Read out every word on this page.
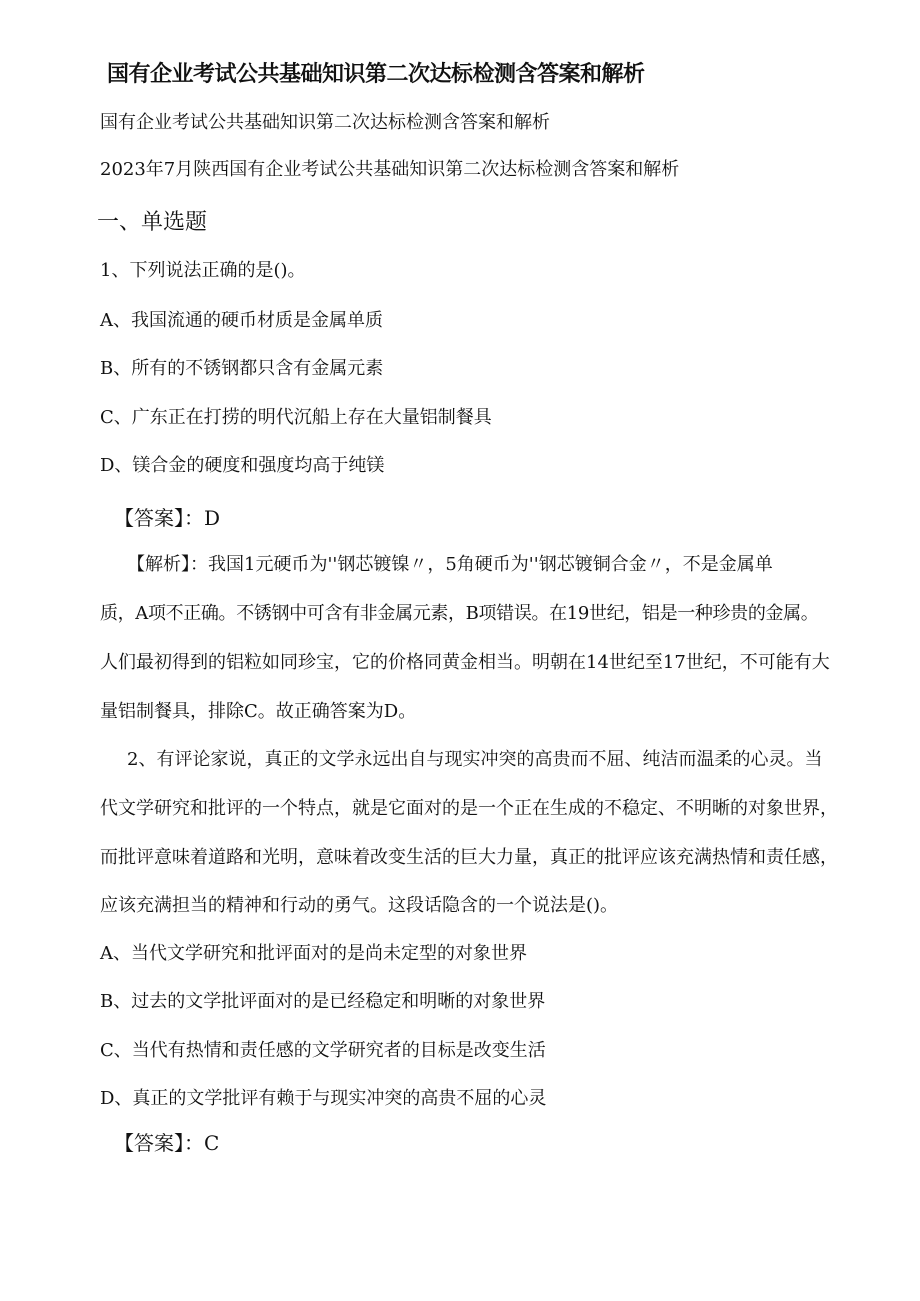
国有企业考试公共基础知识第二次达标检测含答案和解析
国有企业考试公共基础知识第二次达标检测含答案和解析
2023年7月陕西国有企业考试公共基础知识第二次达标检测含答案和解析
一、单选题
1、下列说法正确的是()。
A、我国流通的硬币材质是金属单质
B、所有的不锈钢都只含有金属元素
C、广东正在打捞的明代沉船上存在大量铝制餐具
D、镁合金的硬度和强度均高于纯镁
【答案】：D
【解析】：我国1元硬币为''钢芯镀镍〃，5角硬币为''钢芯镀铜合金〃，不是金属单
质，A项不正确。不锈钢中可含有非金属元素，B项错误。在19世纪，铝是一种珍贵的金属。
人们最初得到的铝粒如同珍宝，它的价格同黄金相当。明朝在14世纪至17世纪，不可能有大
量铝制餐具，排除C。故正确答案为D。
2、有评论家说，真正的文学永远出自与现实冲突的高贵而不屈、纯洁而温柔的心灵。当
代文学研究和批评的一个特点，就是它面对的是一个正在生成的不稳定、不明晰的对象世界，
而批评意味着道路和光明，意味着改变生活的巨大力量，真正的批评应该充满热情和责任感，
应该充满担当的精神和行动的勇气。这段话隐含的一个说法是()。
A、当代文学研究和批评面对的是尚未定型的对象世界
B、过去的文学批评面对的是已经稳定和明晰的对象世界
C、当代有热情和责任感的文学研究者的目标是改变生活
D、真正的文学批评有赖于与现实冲突的高贵不屈的心灵
【答案】：C
